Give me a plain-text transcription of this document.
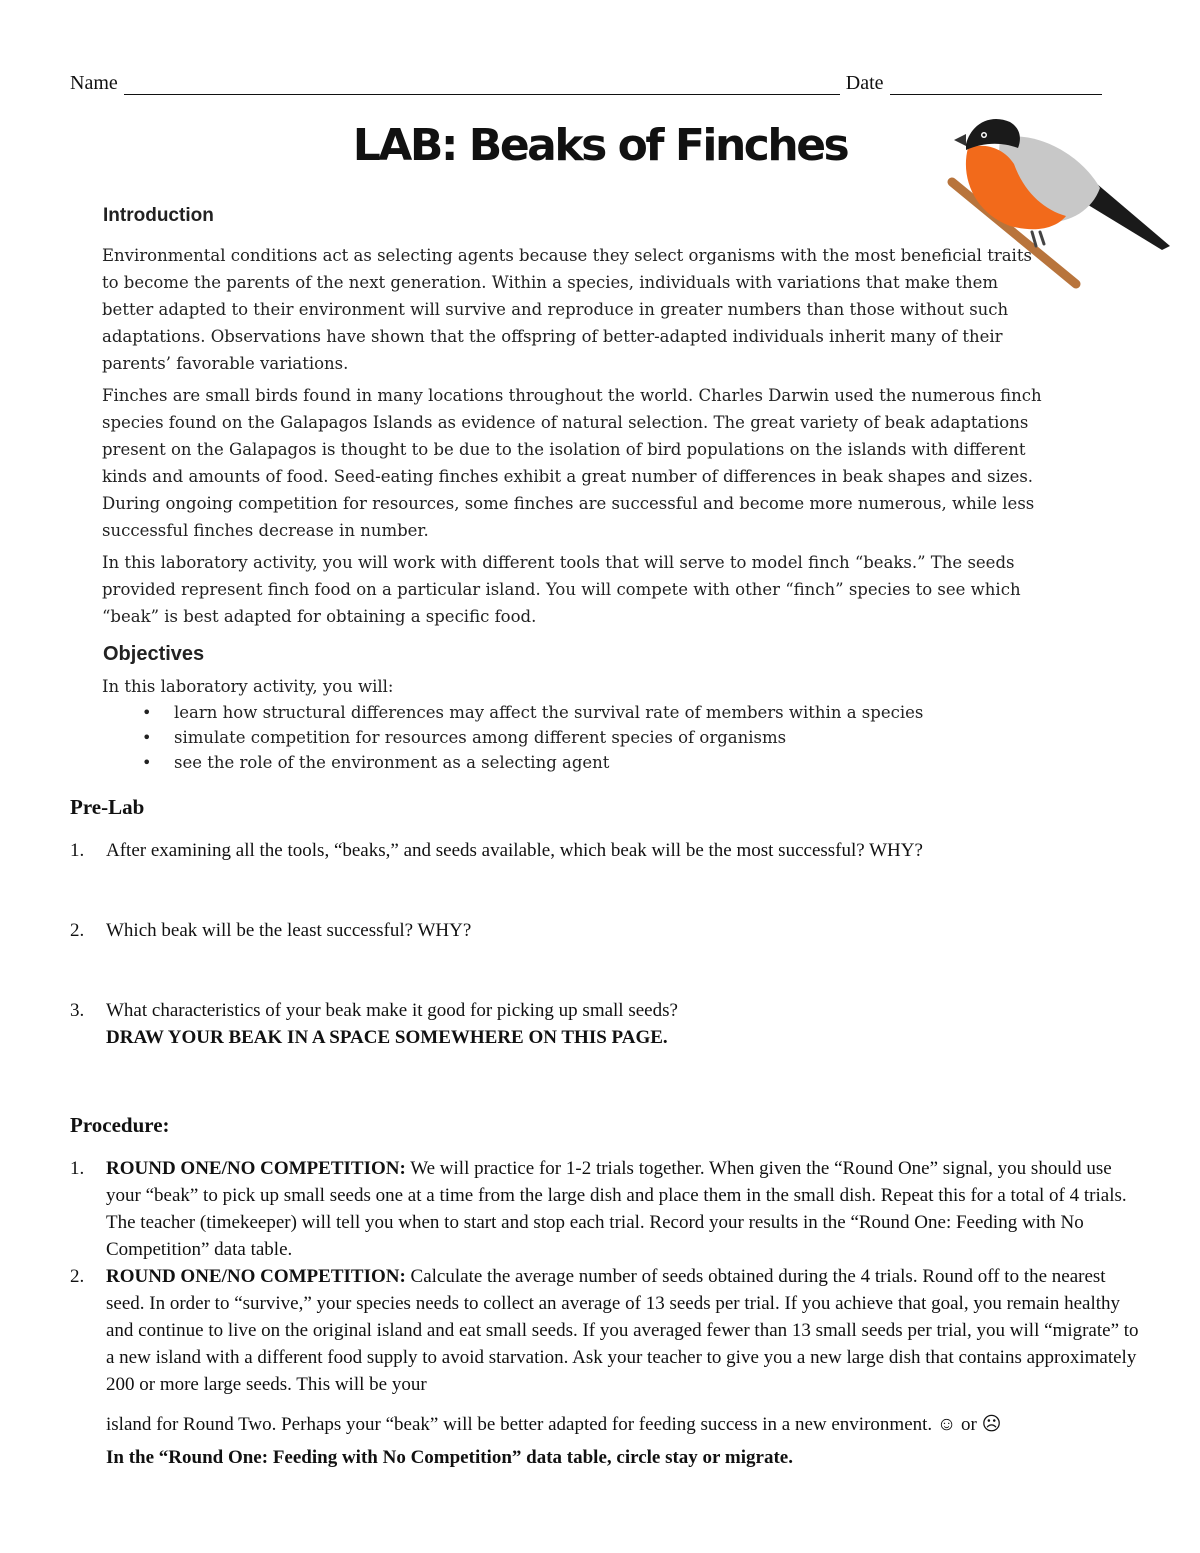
Name	Date
LAB: Beaks of Finches
Introduction

Environmental conditions act as selecting agents because they select organisms with the most beneficial traits to become the parents of the next generation. Within a species, individuals with variations that make them better adapted to their environment will survive and reproduce in greater numbers than those without such adaptations. Observations have shown that the offspring of better-adapted individuals inherit many of their parents’ favorable variations.

Finches are small birds found in many locations throughout the world. Charles Darwin used the numerous finch species found on the Galapagos Islands as evidence of natural selection. The great variety of beak adaptations present on the Galapagos is thought to be due to the isolation of bird populations on the islands with different kinds and amounts of food. Seed-eating finches exhibit a great number of differences in beak shapes and sizes. During ongoing competition for resources, some finches are successful and become more numerous, while less successful finches decrease in number.

In this laboratory activity, you will work with different tools that will serve to model finch “beaks.” The seeds provided represent finch food on a particular island. You will compete with other “finch” species to see which “beak” is best adapted for obtaining a specific food.

Objectives

In this laboratory activity, you will:

• learn how structural differences may affect the survival rate of members within a species
• simulate competition for resources among different species of organisms
• see the role of the environment as a selecting agent
Pre-Lab
1.	After examining all the tools, “beaks,” and seeds available, which beak will be the most successful? WHY?
2.	Which beak will be the least successful? WHY?
3.	What characteristics of your beak make it good for picking up small seeds?
DRAW YOUR BEAK IN A SPACE SOMEWHERE ON THIS PAGE.
Procedure:
1.	ROUND ONE/NO COMPETITION: We will practice for 1-2 trials together. When given the “Round One” signal, you should use your “beak” to pick up small seeds one at a time from the large dish and place them in the small dish. Repeat this for a total of 4 trials. The teacher (timekeeper) will tell you when to start and stop each trial. Record your results in the “Round One: Feeding with No Competition” data table.
2.	ROUND ONE/NO COMPETITION: Calculate the average number of seeds obtained during the 4 trials. Round off to the nearest seed. In order to “survive,” your species needs to collect an average of 13 seeds per trial. If you achieve that goal, you remain healthy and continue to live on the original island and eat small seeds. If you averaged fewer than 13 small seeds per trial, you will “migrate” to a new island with a different food supply to avoid starvation. Ask your teacher to give you a new large dish that contains approximately 200 or more large seeds. This will be your
island for Round Two. Perhaps your “beak” will be better adapted for feeding success in a new environment. ☺ or ☹
In the “Round One: Feeding with No Competition” data table, circle stay or migrate.
